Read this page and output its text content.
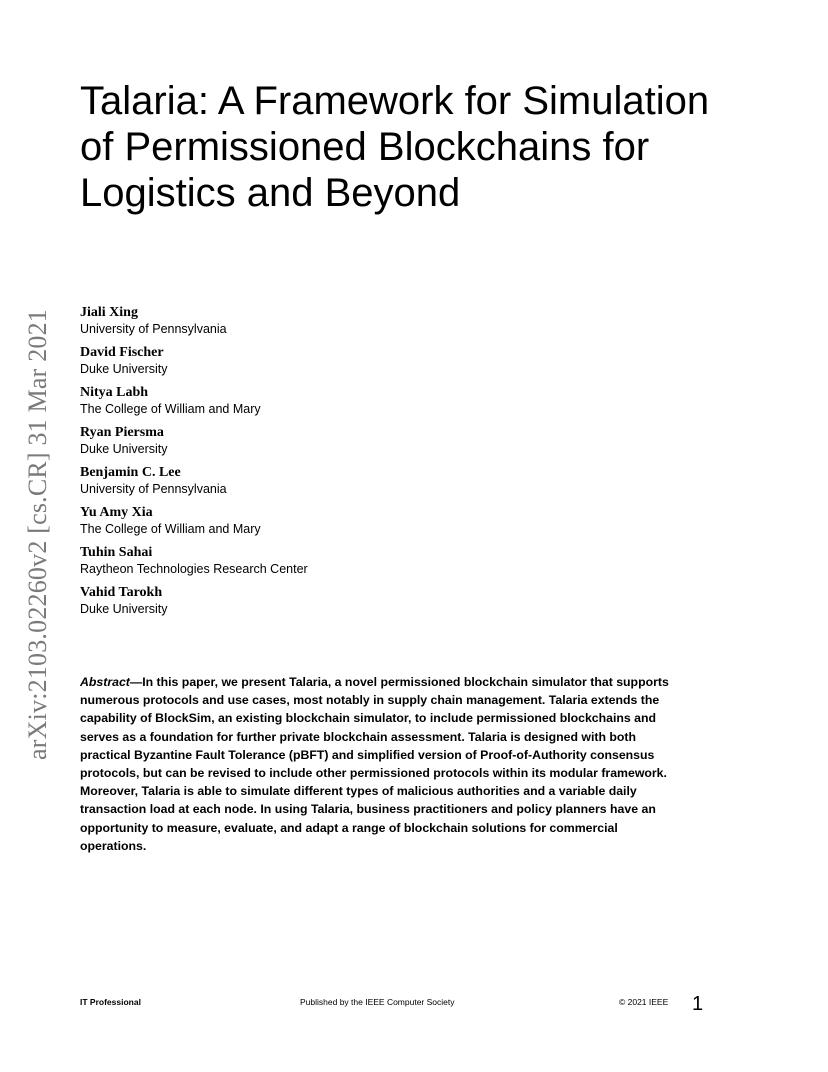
arXiv:2103.02260v2 [cs.CR] 31 Mar 2021
Talaria: A Framework for Simulation of Permissioned Blockchains for Logistics and Beyond
Jiali Xing
University of Pennsylvania
David Fischer
Duke University
Nitya Labh
The College of William and Mary
Ryan Piersma
Duke University
Benjamin C. Lee
University of Pennsylvania
Yu Amy Xia
The College of William and Mary
Tuhin Sahai
Raytheon Technologies Research Center
Vahid Tarokh
Duke University

Abstract—In this paper, we present Talaria, a novel permissioned blockchain simulator that supports numerous protocols and use cases, most notably in supply chain management. Talaria extends the capability of BlockSim, an existing blockchain simulator, to include permissioned blockchains and serves as a foundation for further private blockchain assessment. Talaria is designed with both practical Byzantine Fault Tolerance (pBFT) and simplified version of Proof-of-Authority consensus protocols, but can be revised to include other permissioned protocols within its modular framework. Moreover, Talaria is able to simulate different types of malicious authorities and a variable daily transaction load at each node. In using Talaria, business practitioners and policy planners have an opportunity to measure, evaluate, and adapt a range of blockchain solutions for commercial operations.

IT Professional	Published by the IEEE Computer Society	© 2021 IEEE 1
